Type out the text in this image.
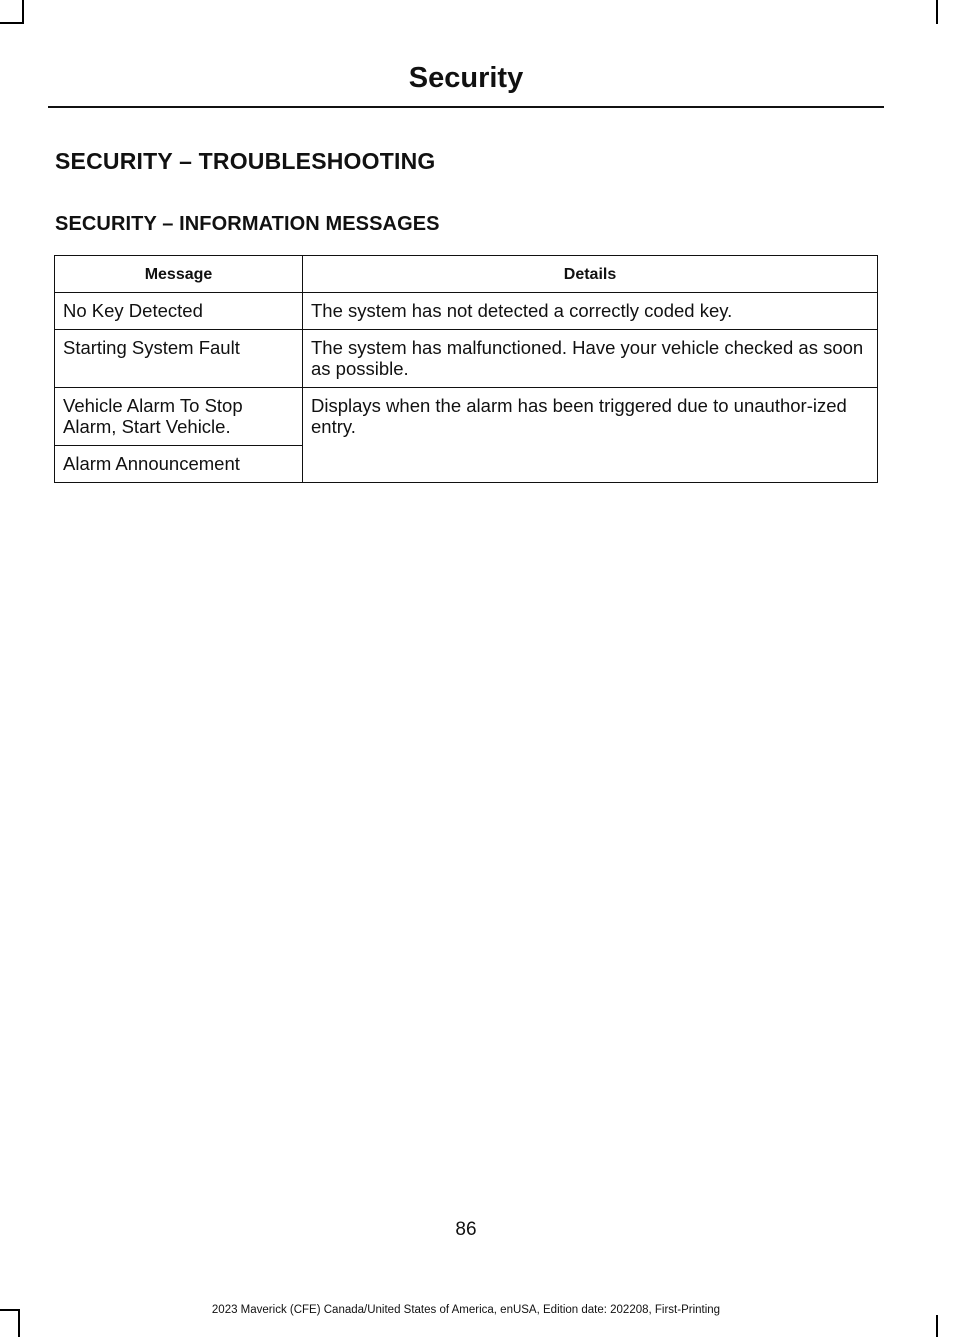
Security
SECURITY – TROUBLESHOOTING
SECURITY – INFORMATION MESSAGES
Message	Details
No Key Detected	The system has not detected a correctly coded key.
Starting System Fault	The system has malfunctioned. Have your vehicle checked as soon as possible.
Vehicle Alarm To Stop Alarm, Start Vehicle.	Displays when the alarm has been triggered due to unauthor-ized entry.
Alarm Announcement	
86
2023 Maverick (CFE) Canada/United States of America, enUSA, Edition date: 202208, First-Printing
